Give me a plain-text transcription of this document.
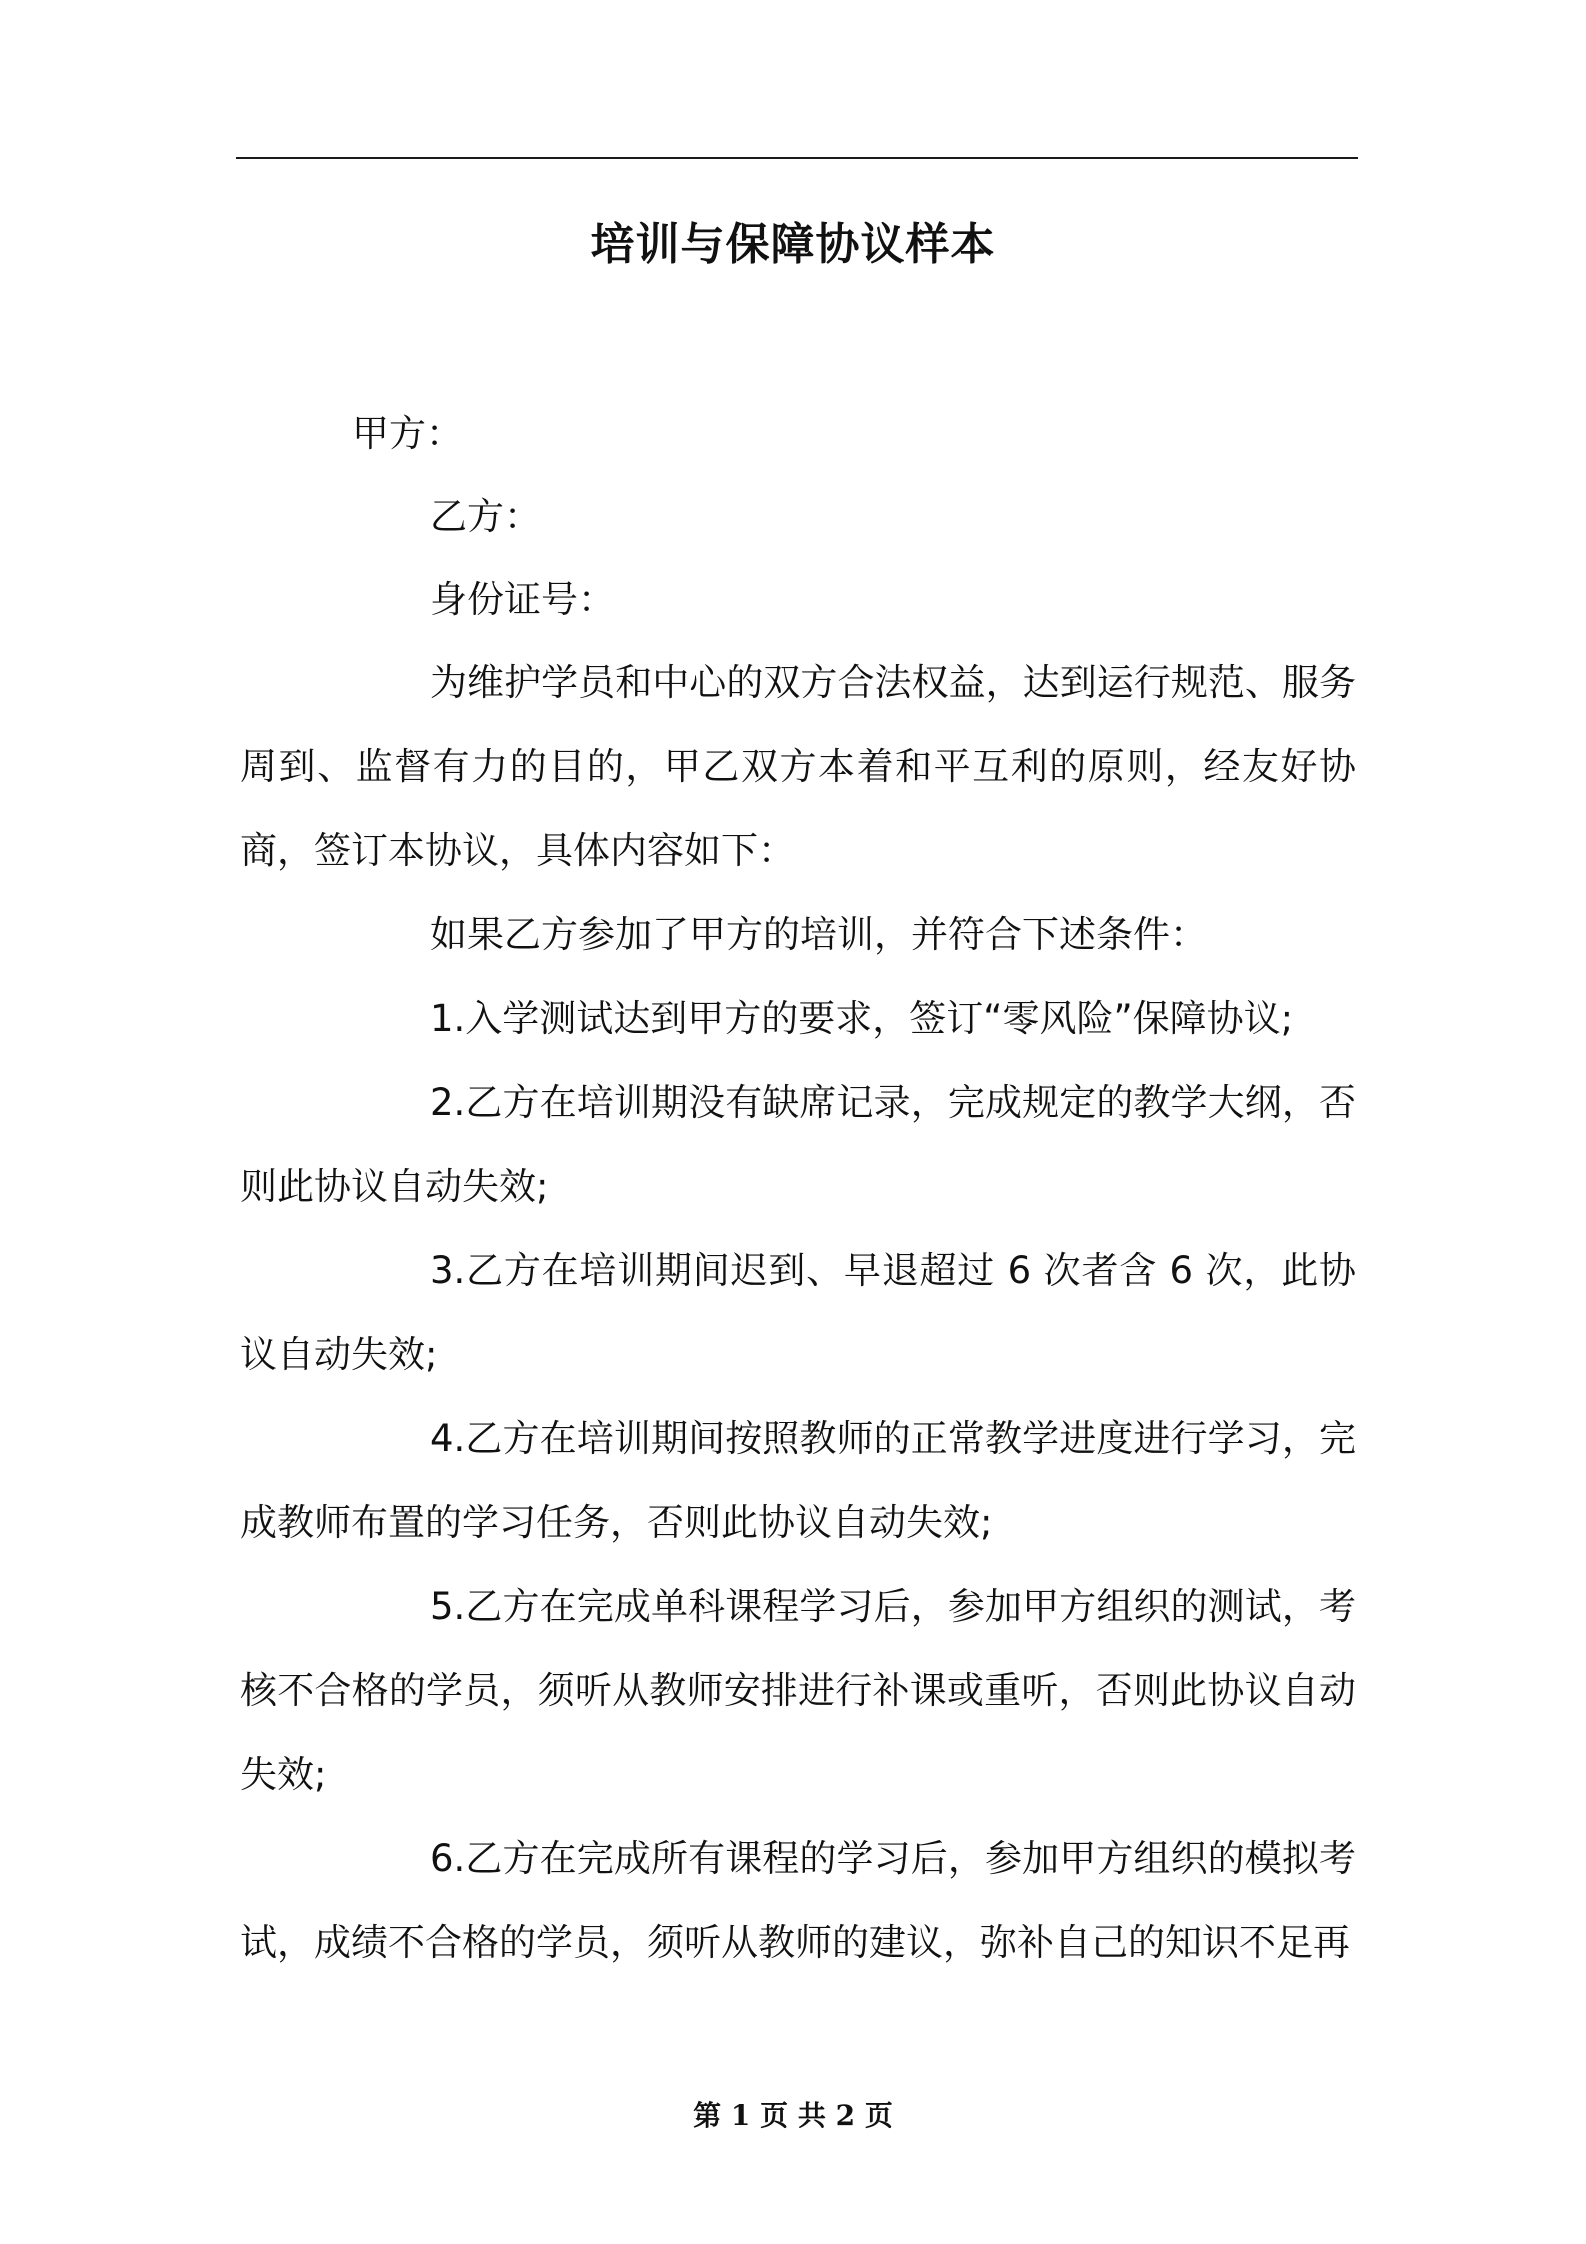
培训与保障协议样本
甲方：
乙方：
身份证号：

为维护学员和中心的双方合法权益，达到运行规范、服务周到、监督有力的目的，甲乙双方本着和平互利的原则，经友好协商，签订本协议，具体内容如下：

如果乙方参加了甲方的培训，并符合下述条件：

1.入学测试达到甲方的要求，签订“零风险”保障协议;

2.乙方在培训期没有缺席记录，完成规定的教学大纲，否则此协议自动失效;

3.乙方在培训期间迟到、早退超过 6 次者含 6 次，此协议自动失效;

4.乙方在培训期间按照教师的正常教学进度进行学习，完成教师布置的学习任务，否则此协议自动失效;

5.乙方在完成单科课程学习后，参加甲方组织的测试，考核不合格的学员，须听从教师安排进行补课或重听，否则此协议自动失效;

6.乙方在完成所有课程的学习后，参加甲方组织的模拟考试，成绩不合格的学员，须听从教师的建议，弥补自己的知识不足再

第 1 页 共 2 页
